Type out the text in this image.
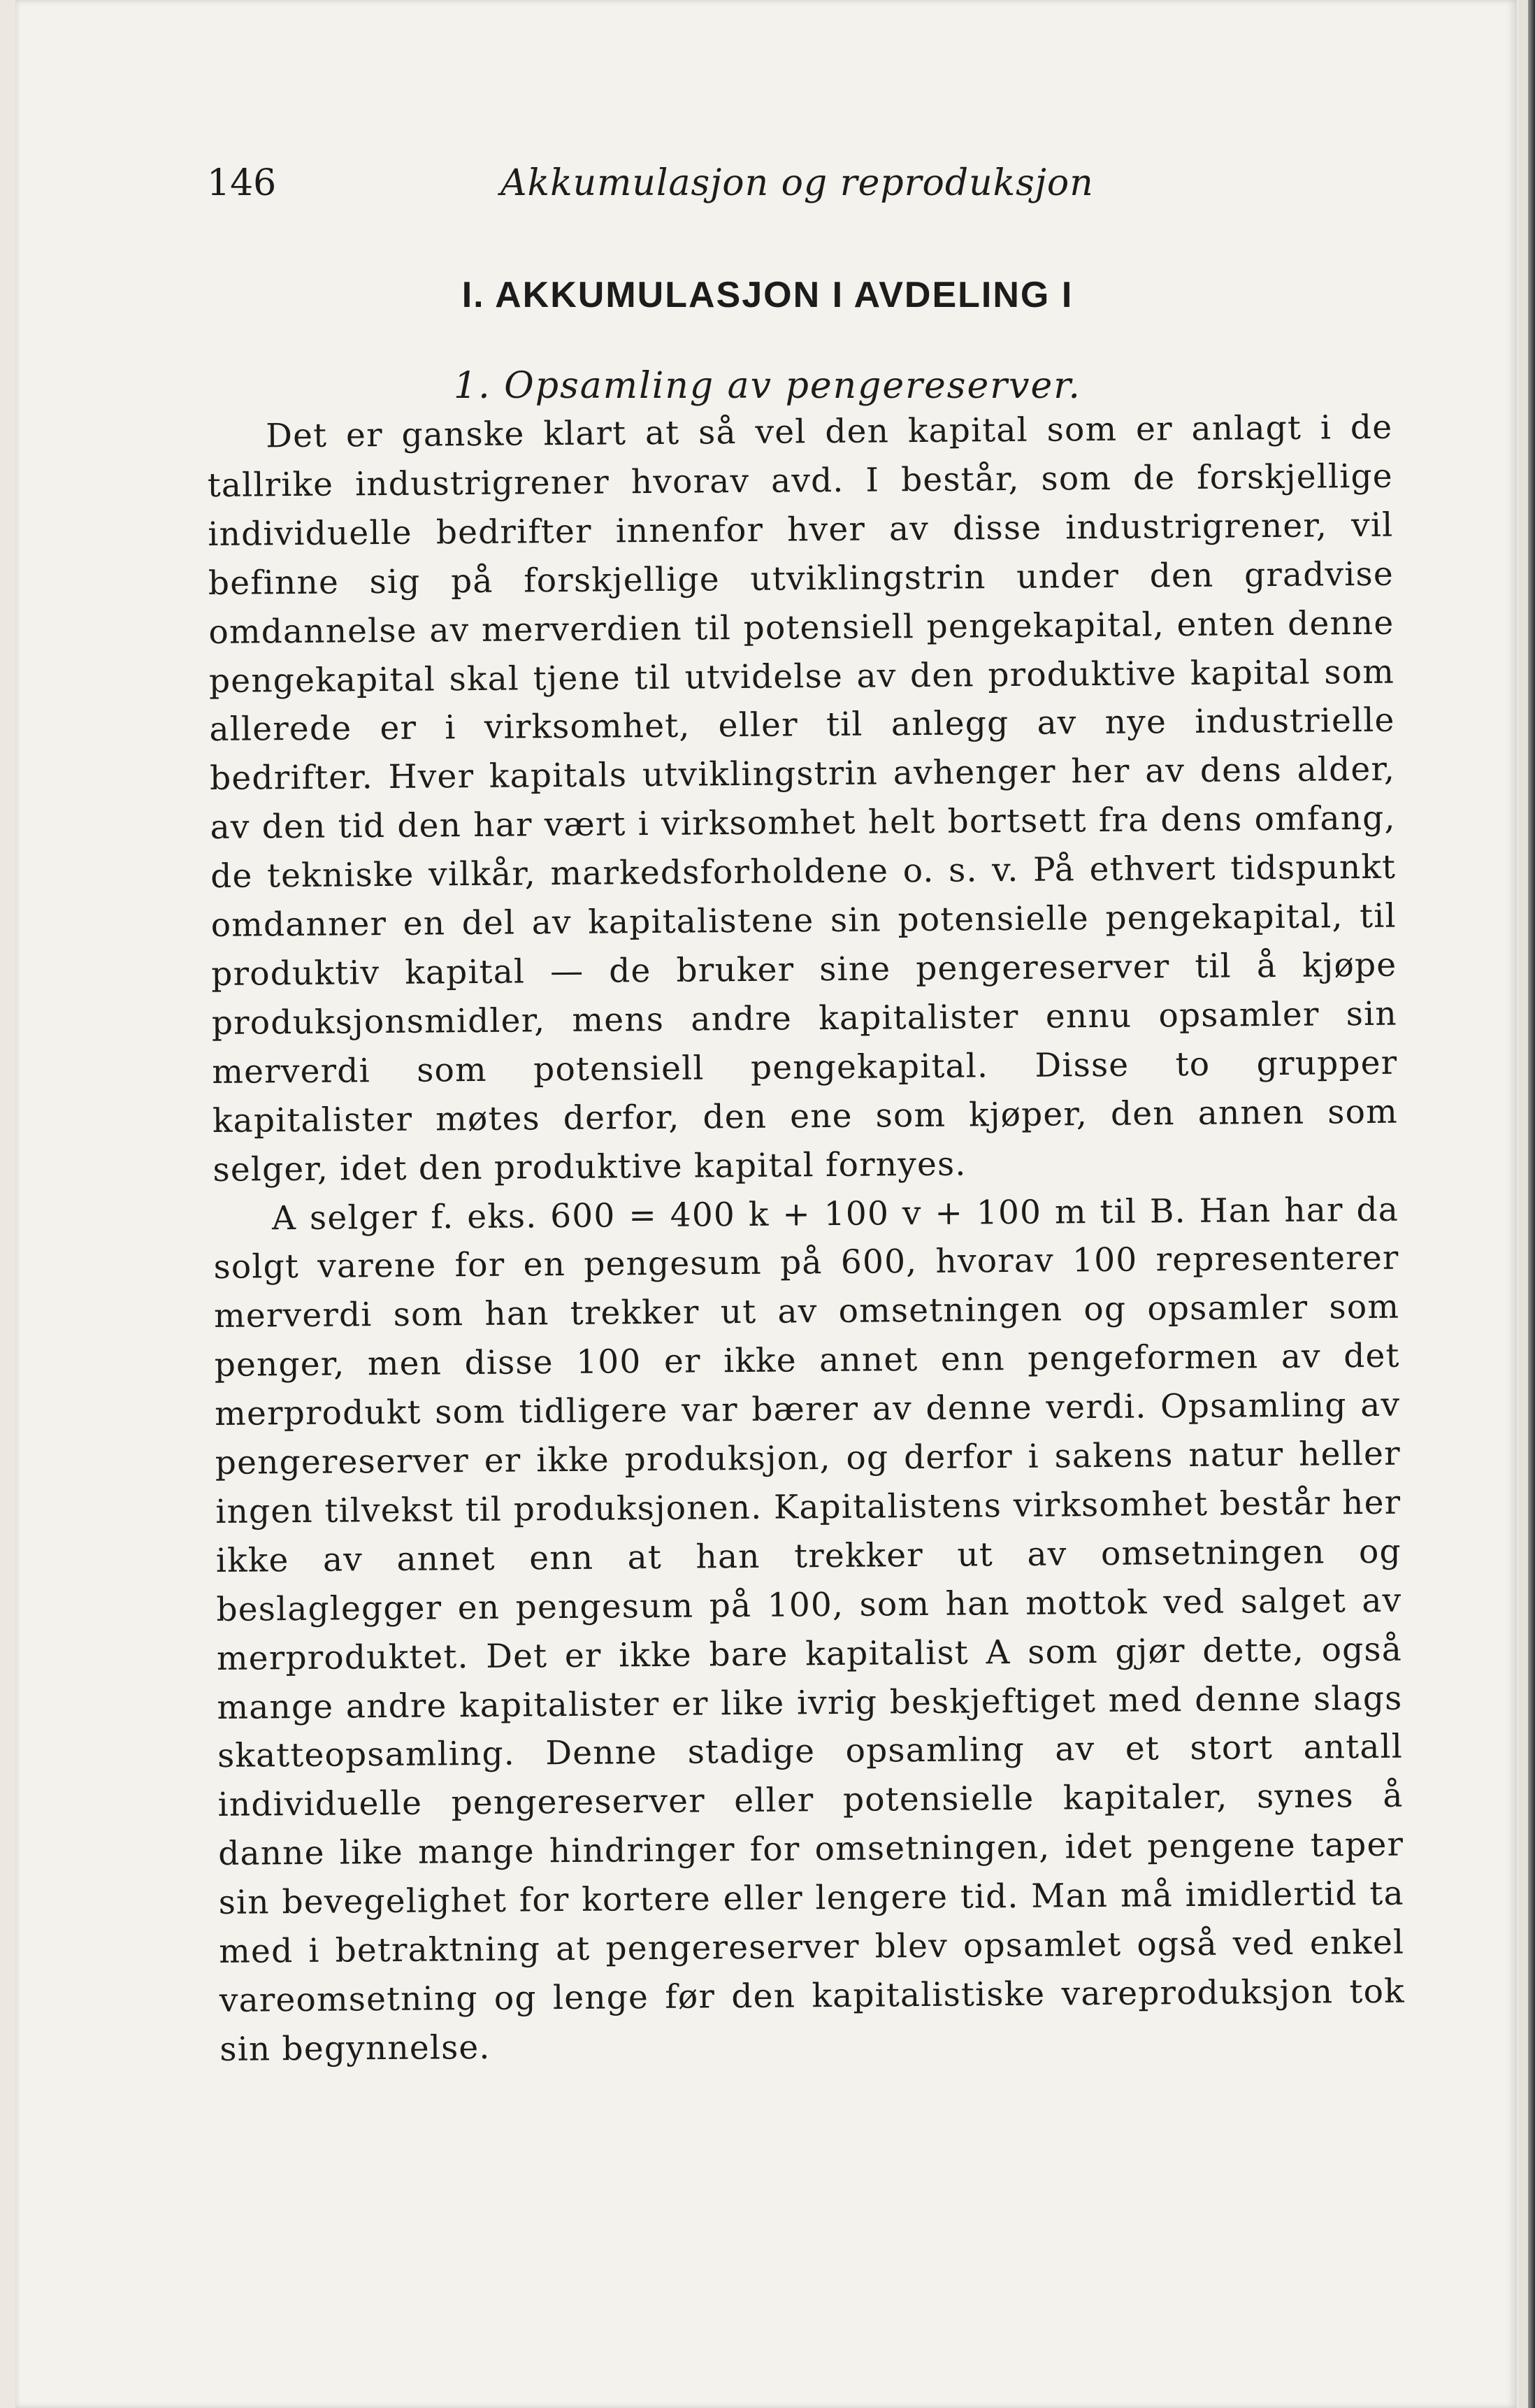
146	Akkumulasjon og reproduksjon
I. AKKUMULASJON I AVDELING I
1. Opsamling av pengereserver.

Det er ganske klart at så vel den kapital som er anlagt i de tallrike industrigrener hvorav avd. I består, som de forskjellige individuelle bedrifter innenfor hver av disse industrigrener, vil befinne sig på forskjellige utviklingstrin under den gradvise omdannelse av merverdien til potensiell pengekapital, enten denne pengekapital skal tjene til utvidelse av den produktive kapital som allerede er i virksomhet, eller til anlegg av nye industrielle bedrifter. Hver kapitals utviklingstrin avhenger her av dens alder, av den tid den har vært i virksomhet helt bortsett fra dens omfang, de tekniske vilkår, markedsforholdene o. s. v. På ethvert tidspunkt omdanner en del av kapitalistene sin potensielle pengekapital, til produktiv kapital — de bruker sine pengereserver til å kjøpe produksjonsmidler, mens andre kapitalister ennu opsamler sin merverdi som potensiell pengekapital. Disse to grupper kapitalister møtes derfor, den ene som kjøper, den annen som selger, idet den produktive kapital fornyes.

A selger f. eks. 600 = 400 k + 100 v + 100 m til B. Han har da solgt varene for en pengesum på 600, hvorav 100 representerer merverdi som han trekker ut av omsetningen og opsamler som penger, men disse 100 er ikke annet enn pengeformen av det merprodukt som tidligere var bærer av denne verdi. Opsamling av pengereserver er ikke produksjon, og derfor i sakens natur heller ingen tilvekst til produksjonen. Kapitalistens virksomhet består her ikke av annet enn at han trekker ut av omsetningen og beslaglegger en pengesum på 100, som han mottok ved salget av merproduktet. Det er ikke bare kapitalist A som gjør dette, også mange andre kapitalister er like ivrig beskjeftiget med denne slags skatteopsamling. Denne stadige opsamling av et stort antall individuelle pengereserver eller potensielle kapitaler, synes å danne like mange hindringer for omsetningen, idet pengene taper sin bevegelighet for kortere eller lengere tid. Man må imidlertid ta med i betraktning at pengereserver blev opsamlet også ved enkel vareomsetning og lenge før den kapitalistiske vareproduksjon tok sin begynnelse.
